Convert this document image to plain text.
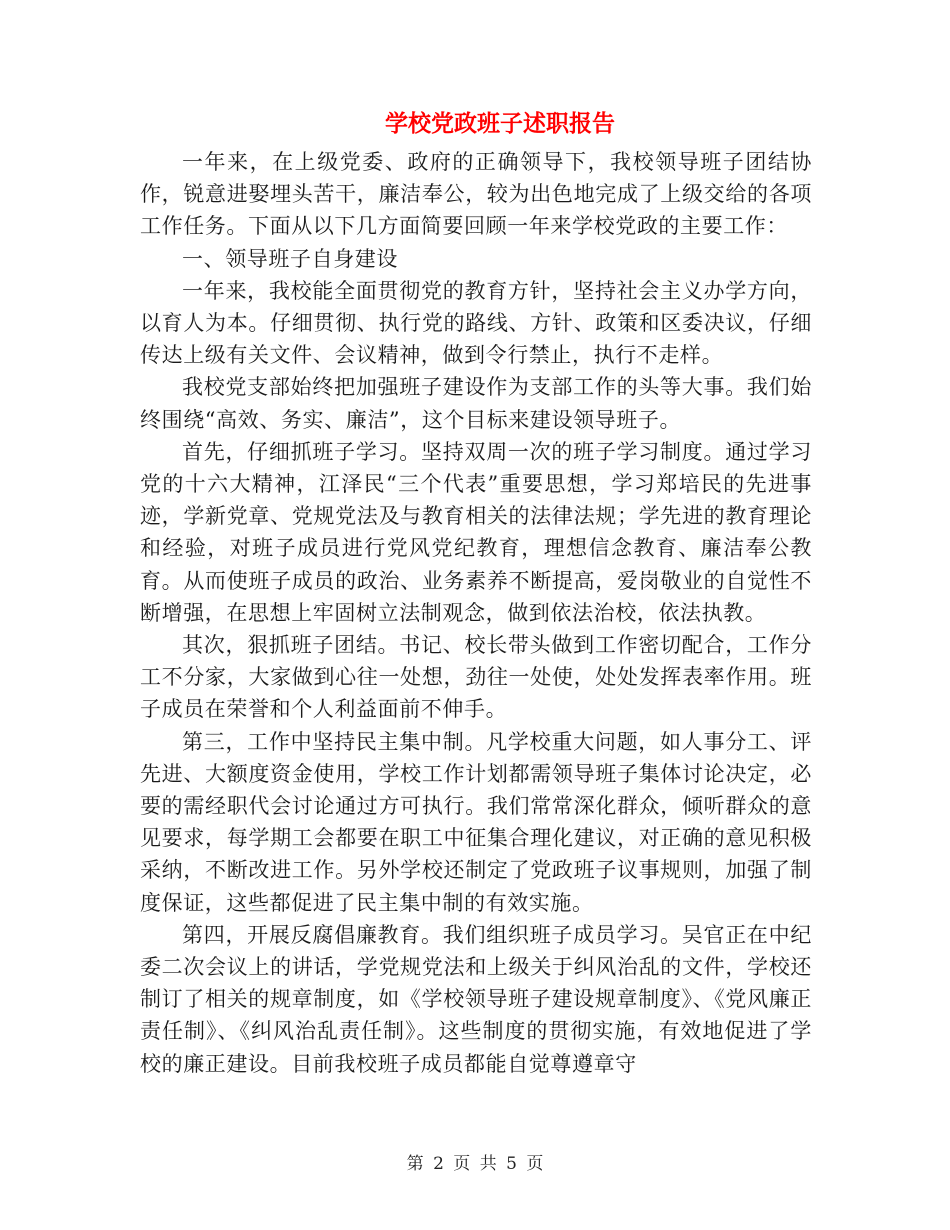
学校党政班子述职报告

一年来，在上级党委、政府的正确领导下，我校领导班子团结协作，锐意进娶埋头苦干，廉洁奉公，较为出色地完成了上级交给的各项工作任务。下面从以下几方面简要回顾一年来学校党政的主要工作：

一、领导班子自身建设

一年来，我校能全面贯彻党的教育方针，坚持社会主义办学方向，以育人为本。仔细贯彻、执行党的路线、方针、政策和区委决议，仔细传达上级有关文件、会议精神，做到令行禁止，执行不走样。

我校党支部始终把加强班子建设作为支部工作的头等大事。我们始终围绕“高效、务实、廉洁”，这个目标来建设领导班子。

首先，仔细抓班子学习。坚持双周一次的班子学习制度。通过学习党的十六大精神，江泽民“三个代表”重要思想，学习郑培民的先进事迹，学新党章、党规党法及与教育相关的法律法规；学先进的教育理论和经验，对班子成员进行党风党纪教育，理想信念教育、廉洁奉公教育。从而使班子成员的政治、业务素养不断提高，爱岗敬业的自觉性不断增强，在思想上牢固树立法制观念，做到依法治校，依法执教。

其次，狠抓班子团结。书记、校长带头做到工作密切配合，工作分工不分家，大家做到心往一处想，劲往一处使，处处发挥表率作用。班子成员在荣誉和个人利益面前不伸手。

第三，工作中坚持民主集中制。凡学校重大问题，如人事分工、评先进、大额度资金使用，学校工作计划都需领导班子集体讨论决定，必要的需经职代会讨论通过方可执行。我们常常深化群众，倾听群众的意见要求，每学期工会都要在职工中征集合理化建议，对正确的意见积极采纳，不断改进工作。另外学校还制定了党政班子议事规则，加强了制度保证，这些都促进了民主集中制的有效实施。

第四，开展反腐倡廉教育。我们组织班子成员学习。吴官正在中纪委二次会议上的讲话，学党规党法和上级关于纠风治乱的文件，学校还制订了相关的规章制度，如《学校领导班子建设规章制度》、《党风廉正责任制》、《纠风治乱责任制》。这些制度的贯彻实施，有效地促进了学校的廉正建设。目前我校班子成员都能自觉尊遵章守

第 2 页 共 5 页
